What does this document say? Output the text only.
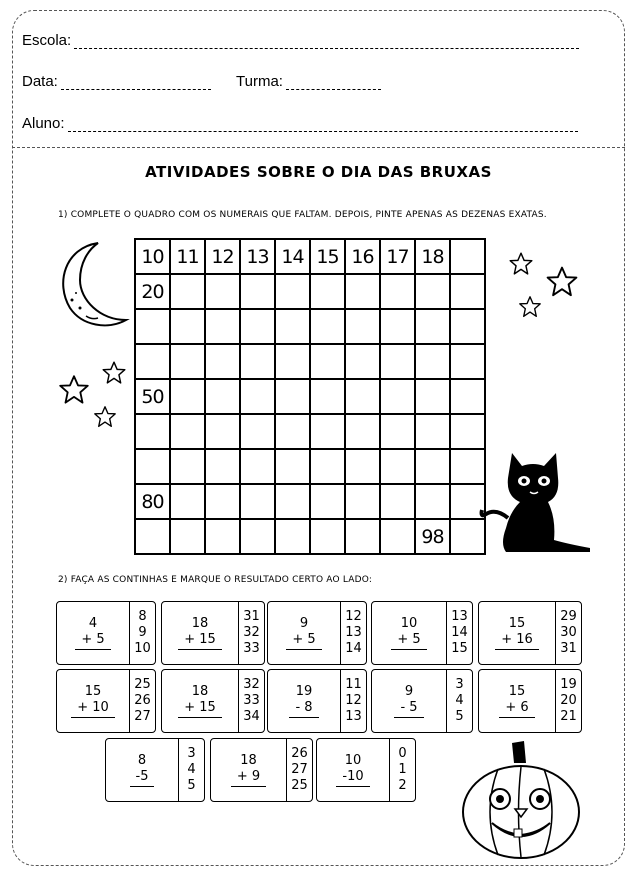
Escola:
Data:	Turma:
Aluno:
ATIVIDADES SOBRE O DIA DAS BRUXAS
1) COMPLETE O QUADRO COM OS NUMERAIS QUE FALTAM. DEPOIS, PINTE APENAS AS DEZENAS EXATAS.
10 11 12 13 14 15 16 17 18
20
50
80
98
2) FAÇA AS CONTINHAS E MARQUE O RESULTADO CERTO AO LADO:
4
+ 5
8
9
10
18
+ 15
31
32
33
9
+ 5
12
13
14
10
+ 5
13
14
15
15
+ 16
29
30
31
15
+ 10
25
26
27
18
+ 15
32
33
34
19
- 8
11
12
13
9
- 5
3
4
5
15
+ 6
19
20
21
8
-5
3
4
5
18
+ 9
26
27
25
10
-10
0
1
2
